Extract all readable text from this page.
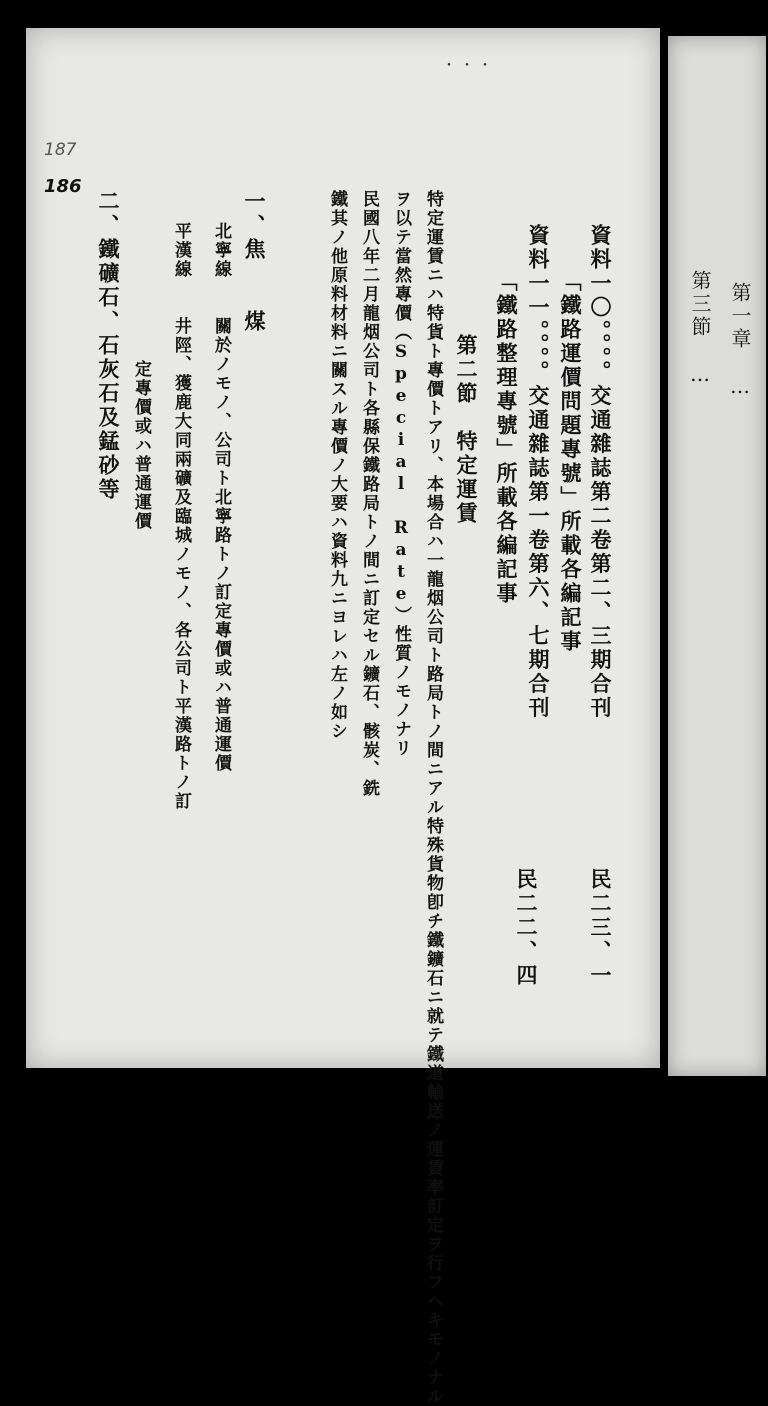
・・・
187
186
第一章　…
第三節　…
資料一〇。。。。交通雜誌第二卷第二、三期合刊
民二三、一
「鐵路運價問題專號」所載各編記事
資料一一。。。。交通雜誌第一卷第六、七期合刊
民二二、四
「鐵路整理專號」所載各編記事
第二節　特定運賃
特定運賃ニハ特貨ト專價トアリ、本場合ハ一龍烟公司ト路局トノ間ニアル特殊貨物卽チ鐵鑛石ニ就テ鐵道輸送ノ運賃率訂定ヲ行フヘキモノナル
ヲ以テ當然專價（Special Rate）性質ノモノナリ
民國八年二月龍烟公司ト各縣保鐵路局トノ間ニ訂定セル鑛石、骸炭、銑
鐵其ノ他原料材料ニ關スル專價ノ大要ハ資料九ニヨレハ左ノ如シ
一、焦　　煤
北寧線　　關於ノモノ、公司ト北寧路トノ訂定專價或ハ普通運價
平漢線　　井陘、獲鹿大同兩礦及臨城ノモノ、各公司ト平漢路トノ訂
定專價或ハ普通運價
二、鐵礦石、石灰石及錳砂等
